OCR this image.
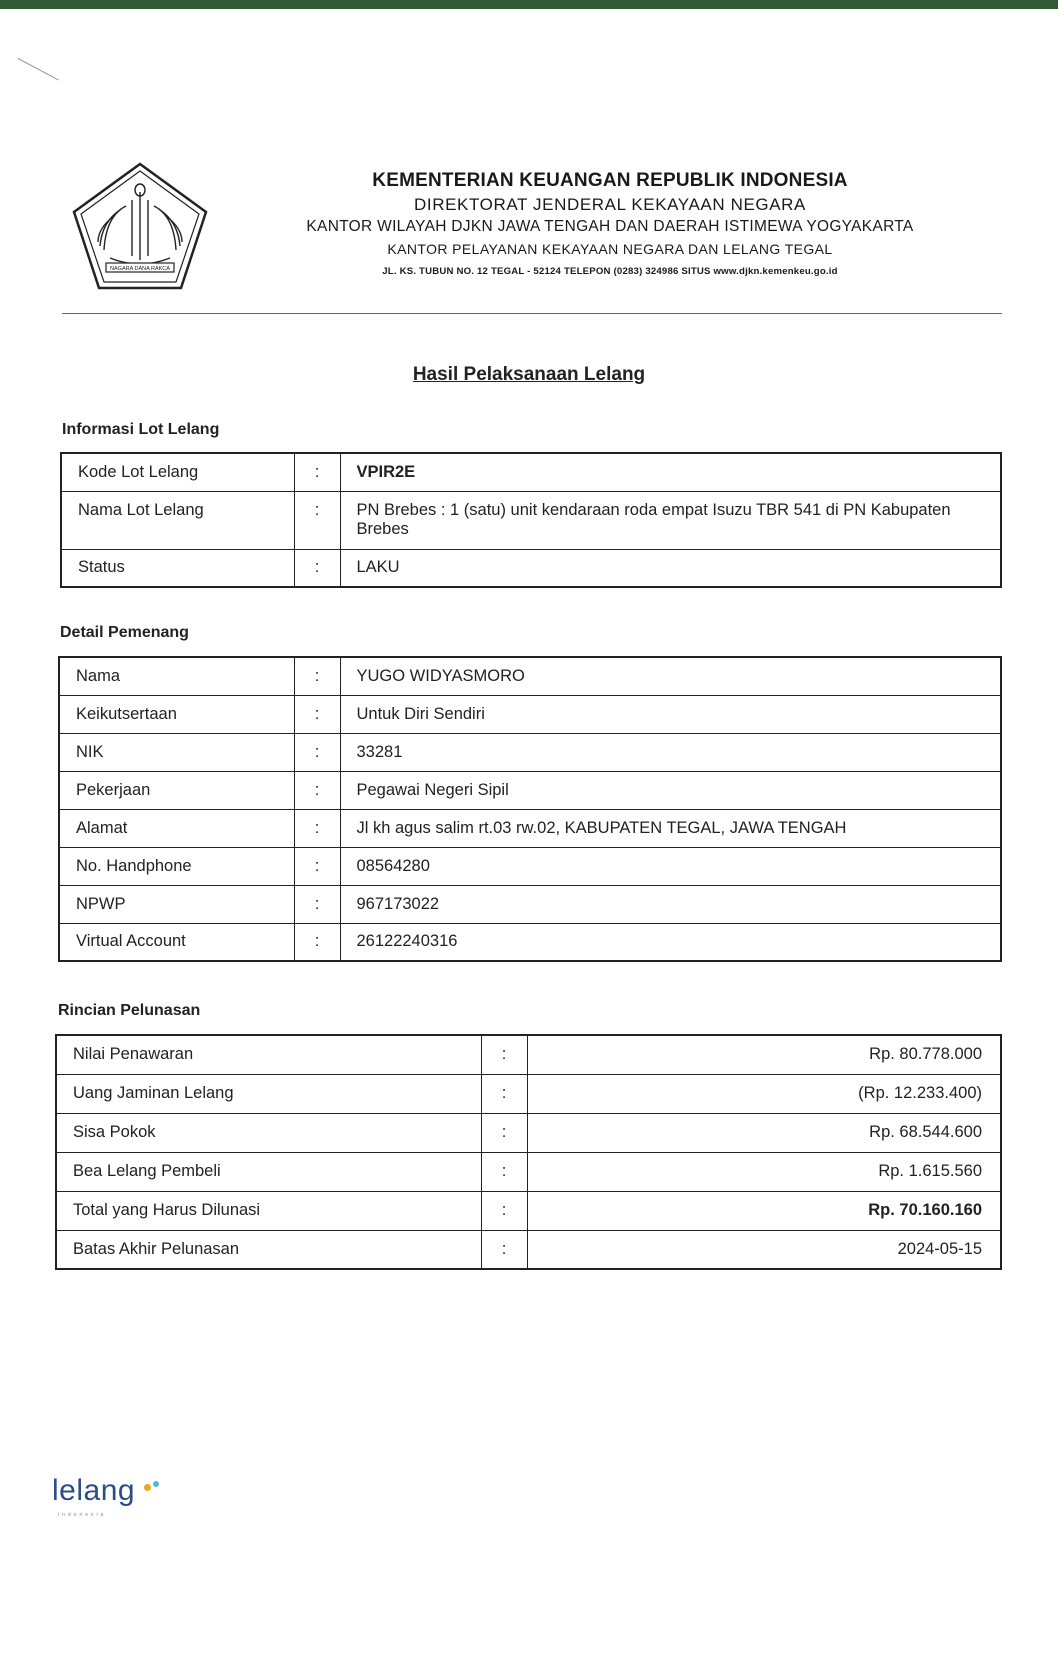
NAGARA DANA RAKCA
KEMENTERIAN KEUANGAN REPUBLIK INDONESIA
DIREKTORAT JENDERAL KEKAYAAN NEGARA
KANTOR WILAYAH DJKN JAWA TENGAH DAN DAERAH ISTIMEWA YOGYAKARTA
KANTOR PELAYANAN KEKAYAAN NEGARA DAN LELANG TEGAL
JL. KS. TUBUN NO. 12 TEGAL - 52124 TELEPON (0283) 324986 SITUS www.djkn.kemenkeu.go.id
Hasil Pelaksanaan Lelang
Informasi Lot Lelang
Kode Lot Lelang	:	VPIR2E
Nama Lot Lelang	:	PN Brebes : 1 (satu) unit kendaraan roda empat Isuzu TBR 541 di PN Kabupaten Brebes
Status	:	LAKU
Detail Pemenang
Nama	:	YUGO WIDYASMORO
Keikutsertaan	:	Untuk Diri Sendiri
NIK	:	33281
Pekerjaan	:	Pegawai Negeri Sipil
Alamat	:	Jl kh agus salim rt.03 rw.02, KABUPATEN TEGAL, JAWA TENGAH
No. Handphone	:	08564280
NPWP	:	967173022
Virtual Account	:	26122240316
Rincian Pelunasan
Nilai Penawaran	:	Rp. 80.778.000
Uang Jaminan Lelang	:	(Rp. 12.233.400)
Sisa Pokok	:	Rp. 68.544.600
Bea Lelang Pembeli	:	Rp. 1.615.560
Total yang Harus Dilunasi	:	Rp. 70.160.160
Batas Akhir Pelunasan	:	2024-05-15
lelang
indonesia
